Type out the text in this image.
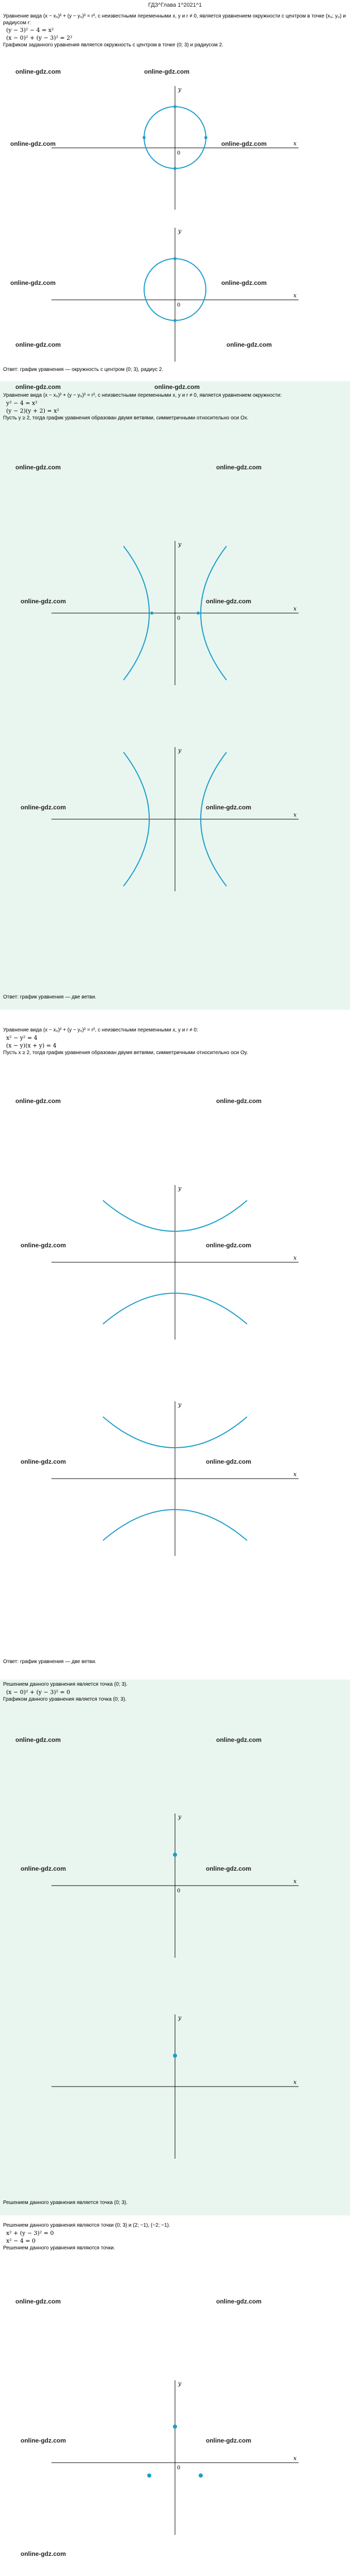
ГДЗ^Глава 1^2021^1

Уравнение вида (x − x₀)² + (y − y₀)² = r², с неизвестными переменными x, y и r ≠ 0, является уравнением окружности с центром в точке (x₀; y₀) и радиусом r:

(y − 3)² − 4 = x²

(x − 0)² + (y − 3)² = 2²

Графиком заданного уравнения является окружность с центром в точке (0; 3) и радиусом 2.

online-gdz.com	online-gdz.com
x
y
0
online-gdz.com	online-gdz.com
x
y
0
online-gdz.com	online-gdz.com
online-gdz.com	online-gdz.com
Ответ: график уравнения — окружность с центром (0; 3), радиус 2.
online-gdz.com	online-gdz.com

Уравнение вида (x − x₀)² + (y − y₀)² = r², с неизвестными переменными x, y и r ≠ 0, является уравнением окружности:

y² − 4 = x²

(y − 2)(y + 2) = x²

Пусть y ≥ 2, тогда график уравнения образован двумя ветвями, симметричными относительно оси Ox.

online-gdz.com	online-gdz.com
x
y
0
online-gdz.com	online-gdz.com
x
y
online-gdz.com	online-gdz.com
Ответ: график уравнения — две ветви.

Уравнение вида (x − x₀)² + (y − y₀)² = r², с неизвестными переменными x, y и r ≠ 0:

x² − y² = 4

(x − y)(x + y) = 4

Пусть x ≥ 2, тогда график уравнения образован двумя ветвями, симметричными относительно оси Oy.

online-gdz.com	online-gdz.com
x
y
online-gdz.com	online-gdz.com
x
y
online-gdz.com	online-gdz.com
Ответ: график уравнения — две ветви.

Решением данного уравнения является точка (0; 3).

(x − 0)² + (y − 3)² = 0

Графиком данного уравнения является точка (0; 3).

online-gdz.com	online-gdz.com
x
y
0
online-gdz.com	online-gdz.com
x
y
Решением данного уравнения является точка (0; 3).

Решением данного уравнения являются точки (0; 3) и (2; −1), (−2; −1).

x² + (y − 3)² = 0

x² − 4 = 0

Решением данного уравнения являются точки.

online-gdz.com	online-gdz.com
x
y
0
online-gdz.com	online-gdz.com
online-gdz.com
